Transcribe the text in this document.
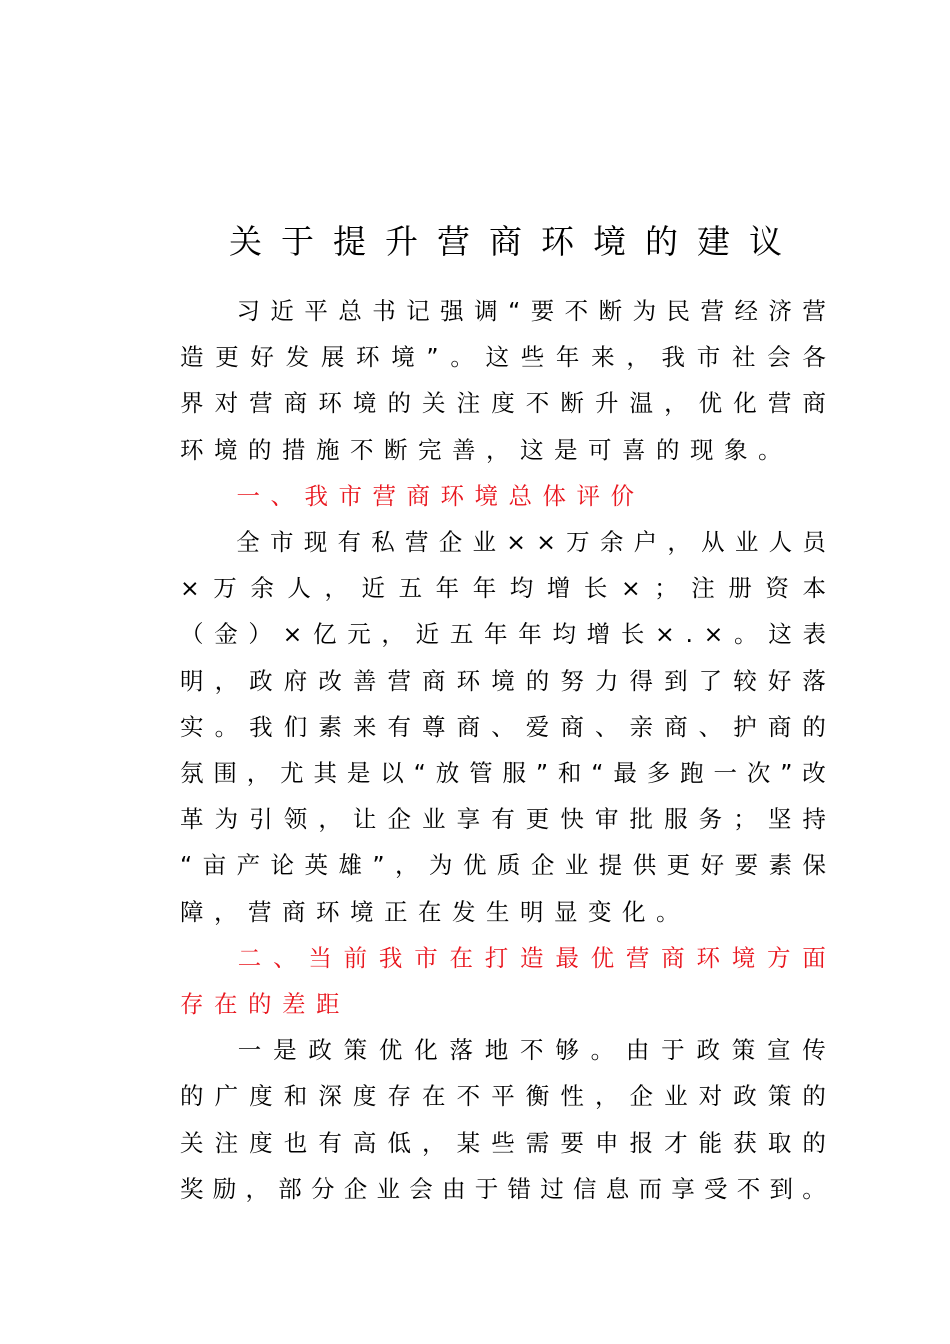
关于提升营商环境的建议

习 近 平 总 书 记 强 调 “ 要 不 断 为 民 营 经 济 营
造 更 好 发 展 环 境 ” 。 这 些 年 来 ， 我 市 社 会 各
界 对 营 商 环 境 的 关 注 度 不 断 升 温 ， 优 化 营 商
环 境 的 措 施 不 断 完 善 ， 这 是 可 喜 的 现 象 。

一 、 我 市 营 商 环 境 总 体 评 价

全 市 现 有 私 营 企 业 × × 万 余 户 ， 从 业 人 员
× 万 余 人 ， 近 五 年 年 均 增 长 × ； 注 册 资 本
（ 金 ） × 亿 元 ， 近 五 年 年 均 增 长 × . × 。 这 表
明 ， 政 府 改 善 营 商 环 境 的 努 力 得 到 了 较 好 落
实 。 我 们 素 来 有 尊 商 、 爱 商 、 亲 商 、 护 商 的
氛 围 ， 尤 其 是 以 “ 放 管 服 ” 和 “ 最 多 跑 一 次 ” 改
革 为 引 领 ， 让 企 业 享 有 更 快 审 批 服 务 ； 坚 持
“ 亩 产 论 英 雄 ” ， 为 优 质 企 业 提 供 更 好 要 素 保
障 ， 营 商 环 境 正 在 发 生 明 显 变 化 。

二 、 当 前 我 市 在 打 造 最 优 营 商 环 境 方 面
存 在 的 差 距

一 是 政 策 优 化 落 地 不 够 。 由 于 政 策 宣 传
的 广 度 和 深 度 存 在 不 平 衡 性 ， 企 业 对 政 策 的
关 注 度 也 有 高 低 ， 某 些 需 要 申 报 才 能 获 取 的
奖 励 ， 部 分 企 业 会 由 于 错 过 信 息 而 享 受 不 到 。
